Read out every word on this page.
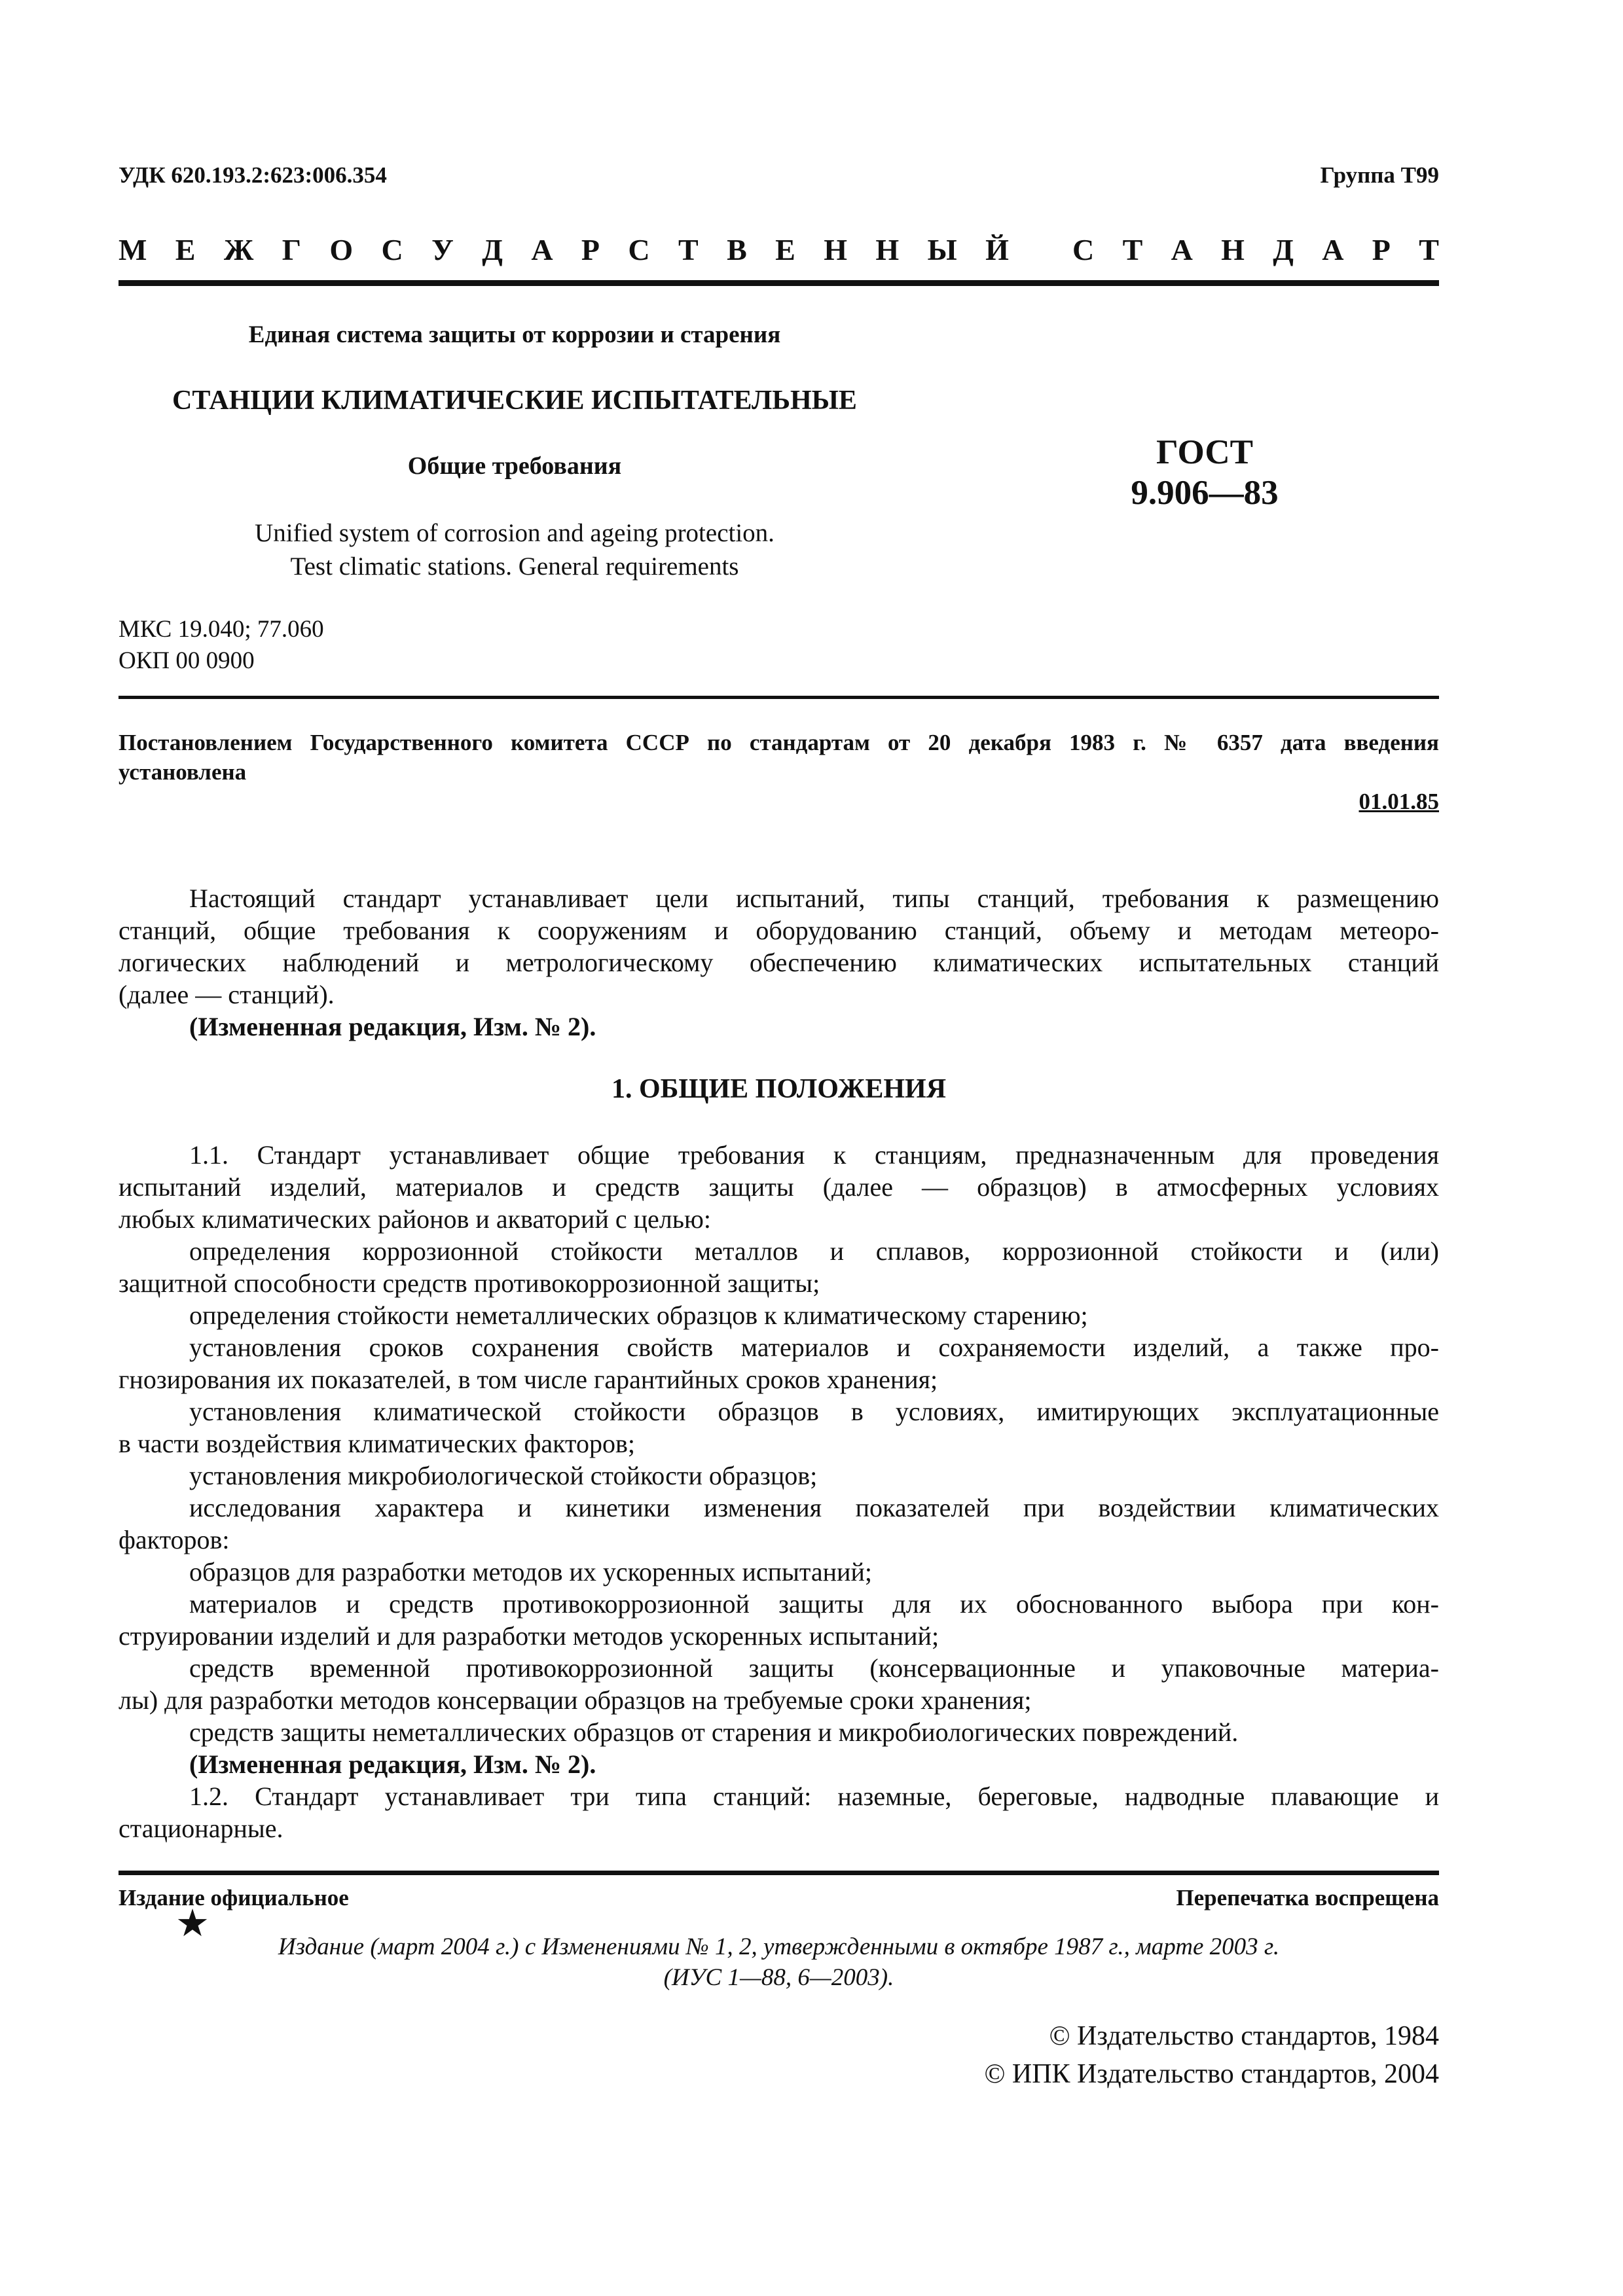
УДК 620.193.2:623:006.354	Группа Т99
М Е Ж Г О С У Д А Р С Т В Е Н Н Ы Й С Т А Н Д А Р Т
Единая система защиты от коррозии и старения
СТАНЦИИ КЛИМАТИЧЕСКИЕ ИСПЫТАТЕЛЬНЫЕ
Общие требования
Unified system of corrosion and ageing protection.
Test climatic stations. General requirements
ГОСТ
9.906—83
МКС 19.040; 77.060
ОКП 00 0900
Постановлением Государственного комитета СССР по стандартам от 20 декабря 1983 г. № 6357 дата введения
установлена
01.01.85
Настоящий стандарт устанавливает цели испытаний, типы станций, требования к размещению
станций, общие требования к сооружениям и оборудованию станций, объему и методам метеоро-
логических наблюдений и метрологическому обеспечению климатических испытательных станций
(далее — станций).
(Измененная редакция, Изм. № 2).
1. ОБЩИЕ ПОЛОЖЕНИЯ
1.1. Стандарт устанавливает общие требования к станциям, предназначенным для проведения
испытаний изделий, материалов и средств защиты (далее — образцов) в атмосферных условиях
любых климатических районов и акваторий с целью:
определения коррозионной стойкости металлов и сплавов, коррозионной стойкости и (или)
защитной способности средств противокоррозионной защиты;
определения стойкости неметаллических образцов к климатическому старению;
установления сроков сохранения свойств материалов и сохраняемости изделий, а также про-
гнозирования их показателей, в том числе гарантийных сроков хранения;
установления климатической стойкости образцов в условиях, имитирующих эксплуатационные
в части воздействия климатических факторов;
установления микробиологической стойкости образцов;
исследования характера и кинетики изменения показателей при воздействии климатических
факторов:
образцов для разработки методов их ускоренных испытаний;
материалов и средств противокоррозионной защиты для их обоснованного выбора при кон-
струировании изделий и для разработки методов ускоренных испытаний;
средств временной противокоррозионной защиты (консервационные и упаковочные материа-
лы) для разработки методов консервации образцов на требуемые сроки хранения;
средств защиты неметаллических образцов от старения и микробиологических повреждений.
(Измененная редакция, Изм. № 2).
1.2. Стандарт устанавливает три типа станций: наземные, береговые, надводные плавающие и
стационарные.
Издание официальное	Перепечатка воспрещена
★
Издание (март 2004 г.) с Изменениями № 1, 2, утвержденными в октябре 1987 г., марте 2003 г.
(ИУС 1—88, 6—2003).
© Издательство стандартов, 1984
© ИПК Издательство стандартов, 2004
